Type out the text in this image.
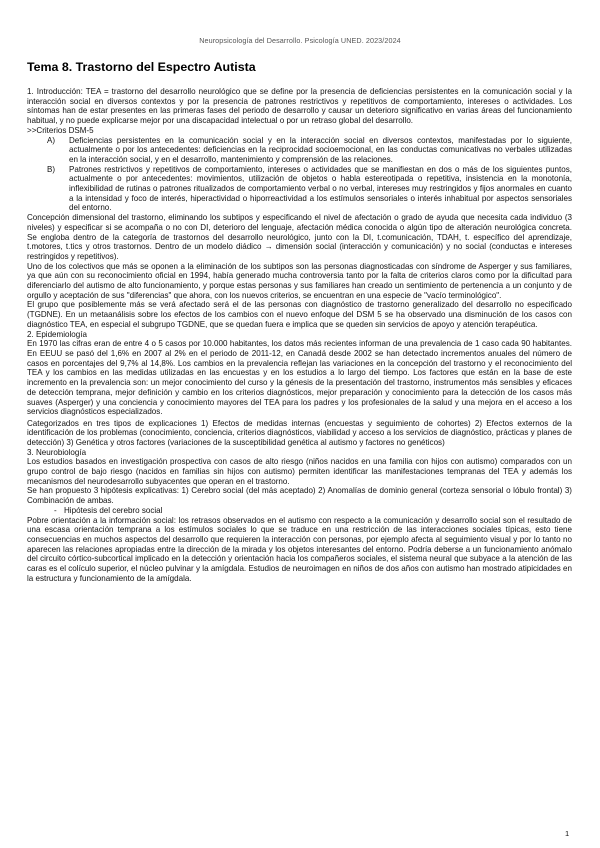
Neuropsicología del Desarrollo. Psicología UNED. 2023/2024
Tema 8. Trastorno del Espectro Autista

1. Introducción: TEA = trastorno del desarrollo neurológico que se define por la presencia de deficiencias persistentes en la comunicación social y la interacción social en diversos contextos y por la presencia de patrones restrictivos y repetitivos de comportamiento, intereses o actividades. Los síntomas han de estar presentes en las primeras fases del periodo de desarrollo y causar un deterioro significativo en varias áreas del funcionamiento habitual, y no puede explicarse mejor por una discapacidad intelectual o por un retraso global del desarrollo.

>>Criterios DSM-5

A) Deficiencias persistentes en la comunicación social y en la interacción social en diversos contextos, manifestadas por lo siguiente, actualmente o por los antecedentes: deficiencias en la reciprocidad socioemocional, en las conductas comunicativas no verbales utilizadas en la interacción social, y en el desarrollo, mantenimiento y comprensión de las relaciones.
B) Patrones restrictivos y repetitivos de comportamiento, intereses o actividades que se manifiestan en dos o más de los siguientes puntos, actualmente o por antecedentes: movimientos, utilización de objetos o habla estereotipada o repetitiva, insistencia en la monotonía, inflexibilidad de rutinas o patrones ritualizados de comportamiento verbal o no verbal, intereses muy restringidos y fijos anormales en cuanto a la intensidad y foco de interés, hiperactividad o hiporreactividad a los estímulos sensoriales o interés inhabitual por aspectos sensoriales del entorno.

Concepción dimensional del trastorno, eliminando los subtipos y especificando el nivel de afectación o grado de ayuda que necesita cada individuo (3 niveles) y especificar si se acompaña o no con DI, deterioro del lenguaje, afectación médica conocida o algún tipo de alteración neurológica concreta. Se engloba dentro de la categoría de trastornos del desarrollo neurológico, junto con la DI, t.comunicación, TDAH, t. específico del aprendizaje, t.motores, t.tics y otros trastornos. Dentro de un modelo diádico → dimensión social (interacción y comunicación) y no social (conductas e intereses restringidos y repetitivos).

Uno de los colectivos que más se oponen a la eliminación de los subtipos son las personas diagnosticadas con síndrome de Asperger y sus familiares, ya que aún con su reconocimiento oficial en 1994, había generado mucha controversia tanto por la falta de criterios claros como por la dificultad para diferenciarlo del autismo de alto funcionamiento, y porque estas personas y sus familiares han creado un sentimiento de pertenencia a un conjunto y de orgullo y aceptación de sus "diferencias" que ahora, con los nuevos criterios, se encuentran en una especie de "vacío terminológico".

El grupo que posiblemente más se verá afectado será el de las personas con diagnóstico de trastorno generalizado del desarrollo no especificado (TGDNE). En un metaanálisis sobre los efectos de los cambios con el nuevo enfoque del DSM 5 se ha observado una disminución de los casos con diagnóstico TEA, en especial el subgrupo TGDNE, que se quedan fuera e implica que se queden sin servicios de apoyo y atención terapéutica.

2. Epidemiología

En 1970 las cifras eran de entre 4 o 5 casos por 10.000 habitantes, los datos más recientes informan de una prevalencia de 1 caso cada 90 habitantes. En EEUU se pasó del 1,6% en 2007 al 2% en el periodo de 2011-12, en Canadá desde 2002 se han detectado incrementos anuales del número de casos en porcentajes del 9,7% al 14,8%. Los cambios en la prevalencia reflejan las variaciones en la concepción del trastorno y el reconocimiento del TEA y los cambios en las medidas utilizadas en las encuestas y en los estudios a lo largo del tiempo. Los factores que están en la base de este incremento en la prevalencia son: un mejor conocimiento del curso y la génesis de la presentación del trastorno, instrumentos más sensibles y eficaces de detección temprana, mejor definición y cambio en los criterios diagnósticos, mejor preparación y conocimiento para la detección de los casos más suaves (Asperger) y una conciencia y conocimiento mayores del TEA para los padres y los profesionales de la salud y una mejora en el acceso a los servicios diagnósticos especializados.

Categorizados en tres tipos de explicaciones 1) Efectos de medidas internas (encuestas y seguimiento de cohortes) 2) Efectos externos de la identificación de los problemas (conocimiento, conciencia, criterios diagnósticos, viabilidad y acceso a los servicios de diagnóstico, prácticas y planes de detección) 3) Genética y otros factores (variaciones de la susceptibilidad genética al autismo y factores no genéticos)

3. Neurobiología

Los estudios basados en investigación prospectiva con casos de alto riesgo (niños nacidos en una familia con hijos con autismo) comparados con un grupo control de bajo riesgo (nacidos en familias sin hijos con autismo) permiten identificar las manifestaciones tempranas del TEA y además los mecanismos del neurodesarrollo subyacentes que operan en el trastorno.

Se han propuesto 3 hipótesis explicativas: 1) Cerebro social (del más aceptado) 2) Anomalías de dominio general (corteza sensorial o lóbulo frontal) 3) Combinación de ambas.

- Hipótesis del cerebro social

Pobre orientación a la información social: los retrasos observados en el autismo con respecto a la comunicación y desarrollo social son el resultado de una escasa orientación temprana a los estímulos sociales lo que se traduce en una restricción de las interacciones sociales típicas, esto tiene consecuencias en muchos aspectos del desarrollo que requieren la interacción con personas, por ejemplo afecta al seguimiento visual y por lo tanto no aparecen las relaciones apropiadas entre la dirección de la mirada y los objetos interesantes del entorno. Podría deberse a un funcionamiento anómalo del circuito córtico-subcortical implicado en la detección y orientación hacia los compañeros sociales, el sistema neural que subyace a la atención de las caras es el colículo superior, el núcleo pulvinar y la amígdala. Estudios de neuroimagen en niños de dos años con autismo han mostrado atipicidades en la estructura y funcionamiento de la amígdala.

1
